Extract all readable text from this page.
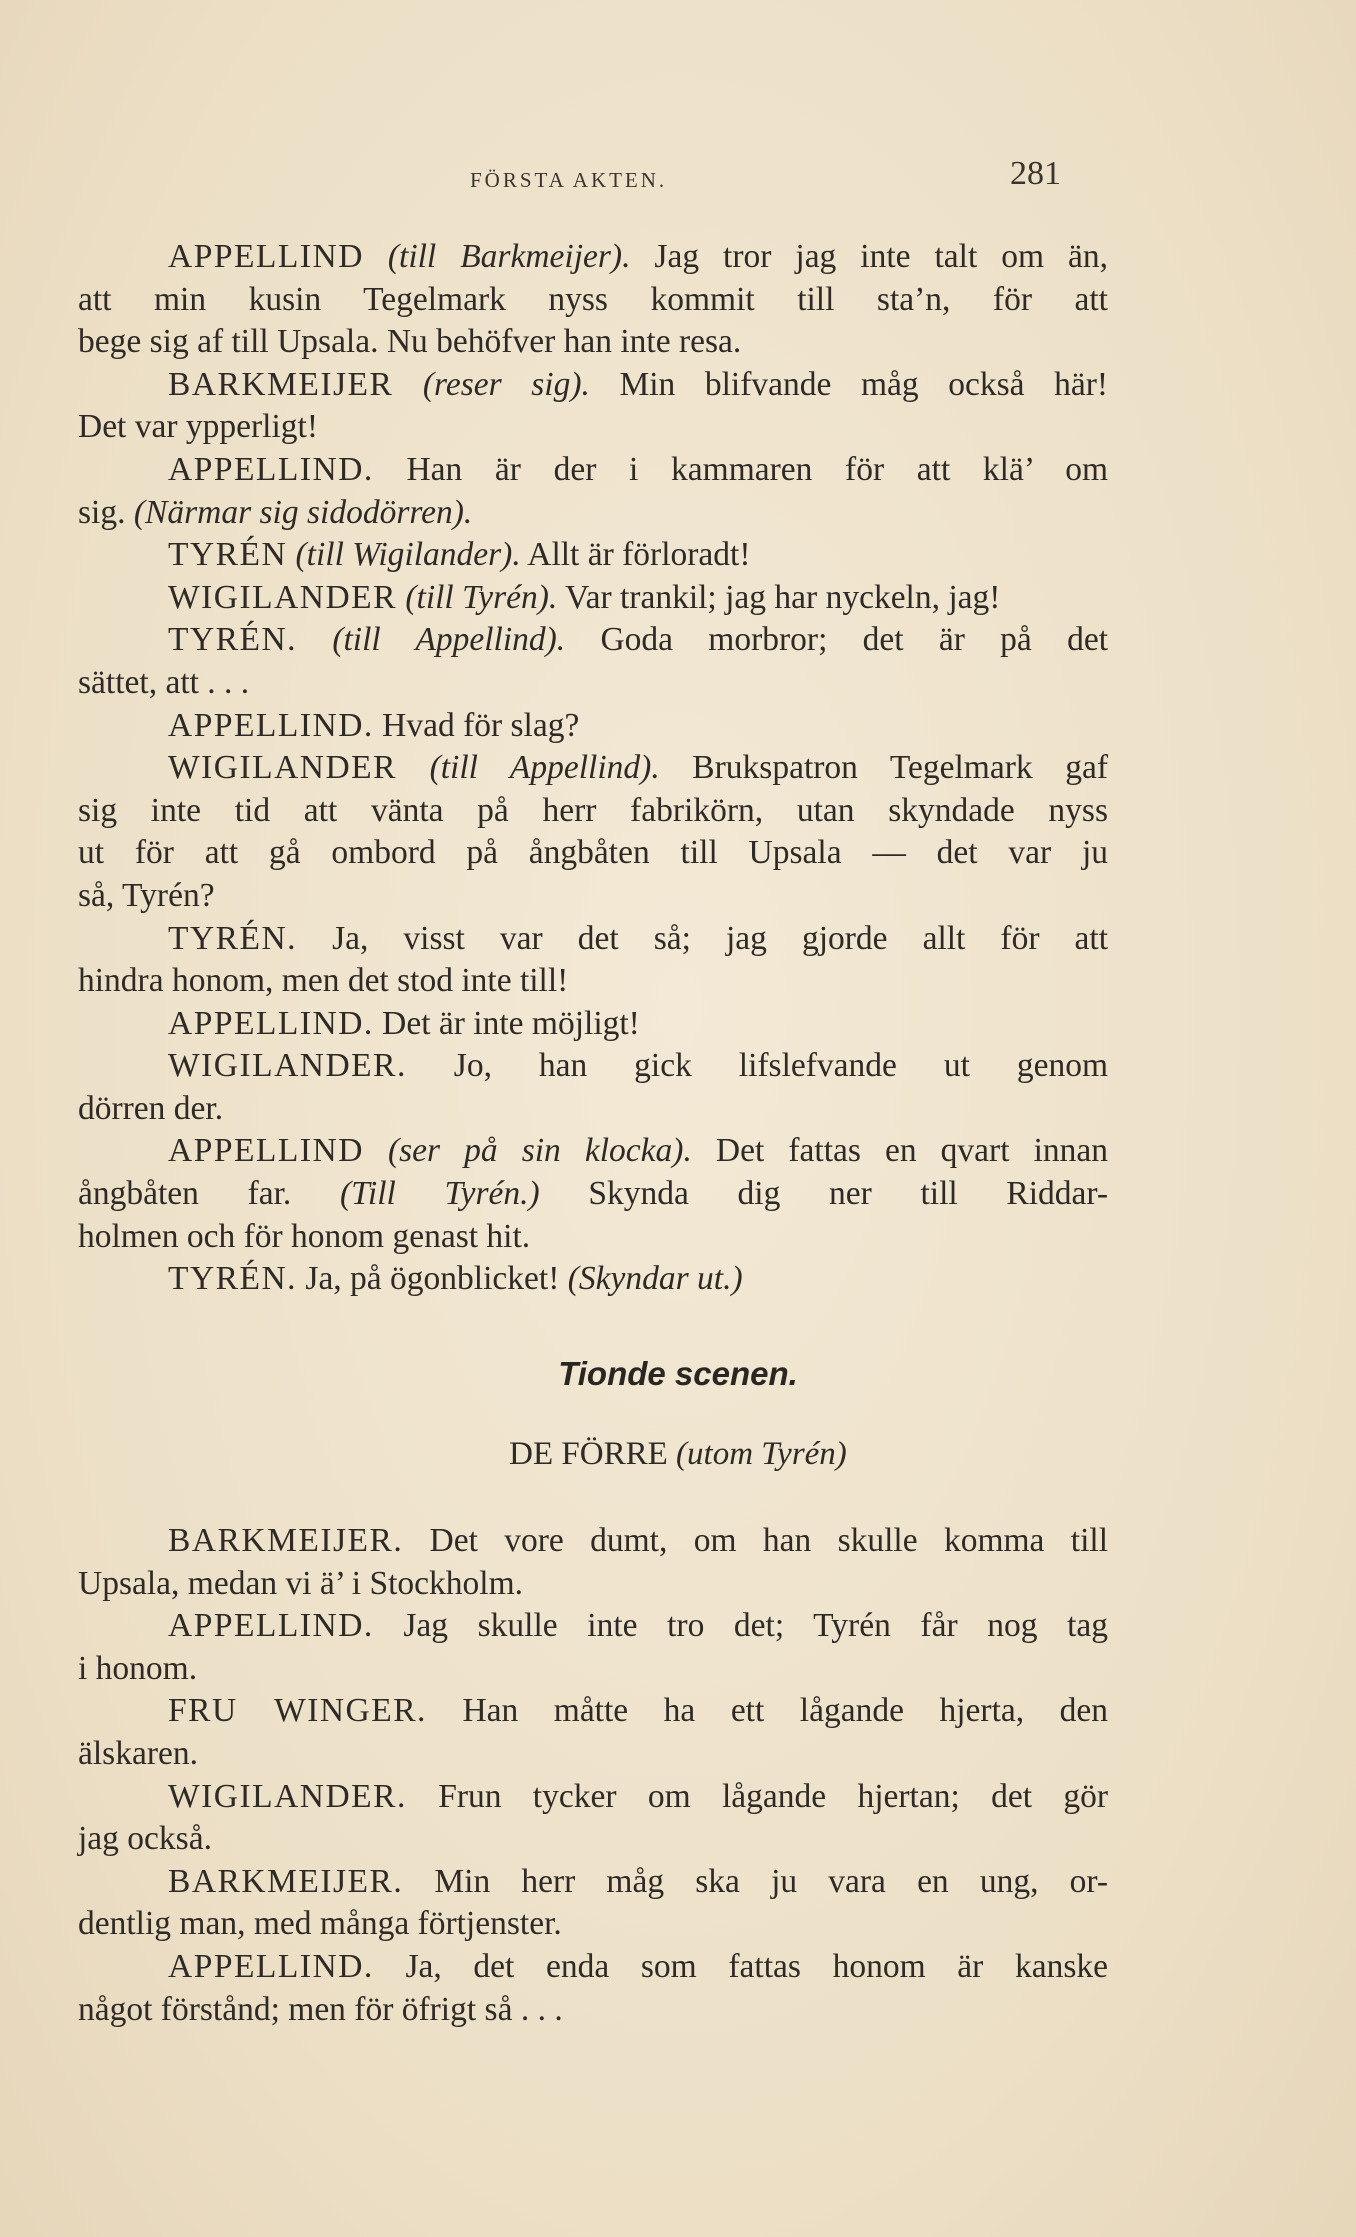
FÖRSTA AKTEN.	281
APPELLIND (till Barkmeijer). Jag tror jag inte talt om än,
att min kusin Tegelmark nyss kommit till sta’n, för att
bege sig af till Upsala. Nu behöfver han inte resa.
BARKMEIJER (reser sig). Min blifvande måg också här!
Det var ypperligt!
APPELLIND. Han är der i kammaren för att klä’ om
sig. (Närmar sig sidodörren).
TYRÉN (till Wigilander). Allt är förloradt!
WIGILANDER (till Tyrén). Var trankil; jag har nyckeln, jag!
TYRÉN. (till Appellind). Goda morbror; det är på det
sättet, att . . .
APPELLIND. Hvad för slag?
WIGILANDER (till Appellind). Brukspatron Tegelmark gaf
sig inte tid att vänta på herr fabrikörn, utan skyndade nyss
ut för att gå ombord på ångbåten till Upsala — det var ju
så, Tyrén?
TYRÉN. Ja, visst var det så; jag gjorde allt för att
hindra honom, men det stod inte till!
APPELLIND. Det är inte möjligt!
WIGILANDER. Jo, han gick lifslefvande ut genom
dörren der.
APPELLIND (ser på sin klocka). Det fattas en qvart innan
ångbåten far. (Till Tyrén.) Skynda dig ner till Riddar-
holmen och för honom genast hit.
TYRÉN. Ja, på ögonblicket! (Skyndar ut.)
Tionde scenen.
DE FÖRRE (utom Tyrén)
BARKMEIJER. Det vore dumt, om han skulle komma till
Upsala, medan vi ä’ i Stockholm.
APPELLIND. Jag skulle inte tro det; Tyrén får nog tag
i honom.
FRU WINGER. Han måtte ha ett lågande hjerta, den
älskaren.
WIGILANDER. Frun tycker om lågande hjertan; det gör
jag också.
BARKMEIJER. Min herr måg ska ju vara en ung, or-
dentlig man, med många förtjenster.
APPELLIND. Ja, det enda som fattas honom är kanske
något förstånd; men för öfrigt så . . .
